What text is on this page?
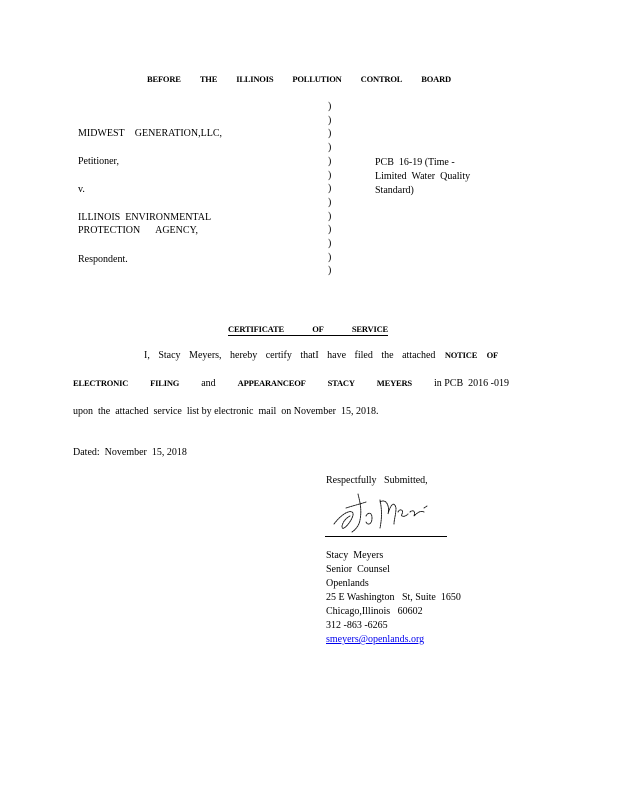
BEFORE THE ILLINOIS POLLUTION CONTROL BOARD
)
)
)
)
)
)
)
)
)
)
)
)
)
MIDWEST GENERATION,LLC,
Petitioner,
v.
ILLINOIS  ENVIRONMENTAL
PROTECTION AGENCY,
Respondent.
PCB  16-19 (Time -
Limited  Water  Quality
Standard)
CERTIFICATE	OF	SERVICE
I, Stacy Meyers, hereby certify thatI have filed the attached NOTICE OF
ELECTRONIC	FILING and	APPEARANCEOF	STACY	MEYERS in PCB  2016 -019
upon  the  attached  service  list by electronic  mail  on November  15, 2018.
Dated:  November  15, 2018
Respectfully   Submitted,
Stacy  Meyers
Senior  Counsel
Openlands
25 E Washington   St, Suite  1650
Chicago,Illinois   60602
312 -863 -6265
smeyers@openlands.org
